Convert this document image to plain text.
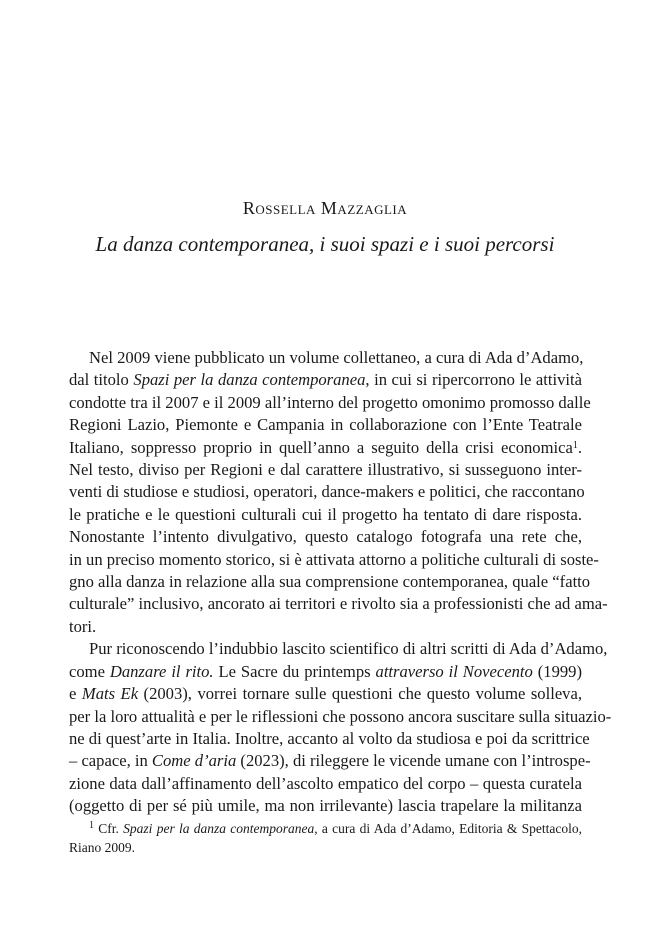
Rossella Mazzaglia
La danza contemporanea, i suoi spazi e i suoi percorsi
Nel 2009 viene pubblicato un volume collettaneo, a cura di Ada d’Adamo,
dal titolo Spazi per la danza contemporanea, in cui si ripercorrono le attività
condotte tra il 2007 e il 2009 all’interno del progetto omonimo promosso dalle
Regioni Lazio, Piemonte e Campania in collaborazione con l’Ente Teatrale
Italiano, soppresso proprio in quell’anno a seguito della crisi economica$^1$.
Nel testo, diviso per Regioni e dal carattere illustrativo, si susseguono inter-
venti di studiose e studiosi, operatori, dance-makers e politici, che raccontano
le pratiche e le questioni culturali cui il progetto ha tentato di dare risposta.
Nonostante l’intento divulgativo, questo catalogo fotografa una rete che,
in un preciso momento storico, si è attivata attorno a politiche culturali di soste-
gno alla danza in relazione alla sua comprensione contemporanea, quale “fatto
culturale” inclusivo, ancorato ai territori e rivolto sia a professionisti che ad ama-
tori.
Pur riconoscendo l’indubbio lascito scientifico di altri scritti di Ada d’Adamo,
come Danzare il rito. Le Sacre du printemps attraverso il Novecento (1999)
e Mats Ek (2003), vorrei tornare sulle questioni che questo volume solleva,
per la loro attualità e per le riflessioni che possono ancora suscitare sulla situazio-
ne di quest’arte in Italia. Inoltre, accanto al volto da studiosa e poi da scrittrice
– capace, in Come d’aria (2023), di rileggere le vicende umane con l’introspe-
zione data dall’affinamento dell’ascolto empatico del corpo – questa curatela
(oggetto di per sé più umile, ma non irrilevante) lascia trapelare la militanza
$^1$ Cfr. Spazi per la danza contemporanea, a cura di Ada d’Adamo, Editoria & Spettacolo,
Riano 2009.
